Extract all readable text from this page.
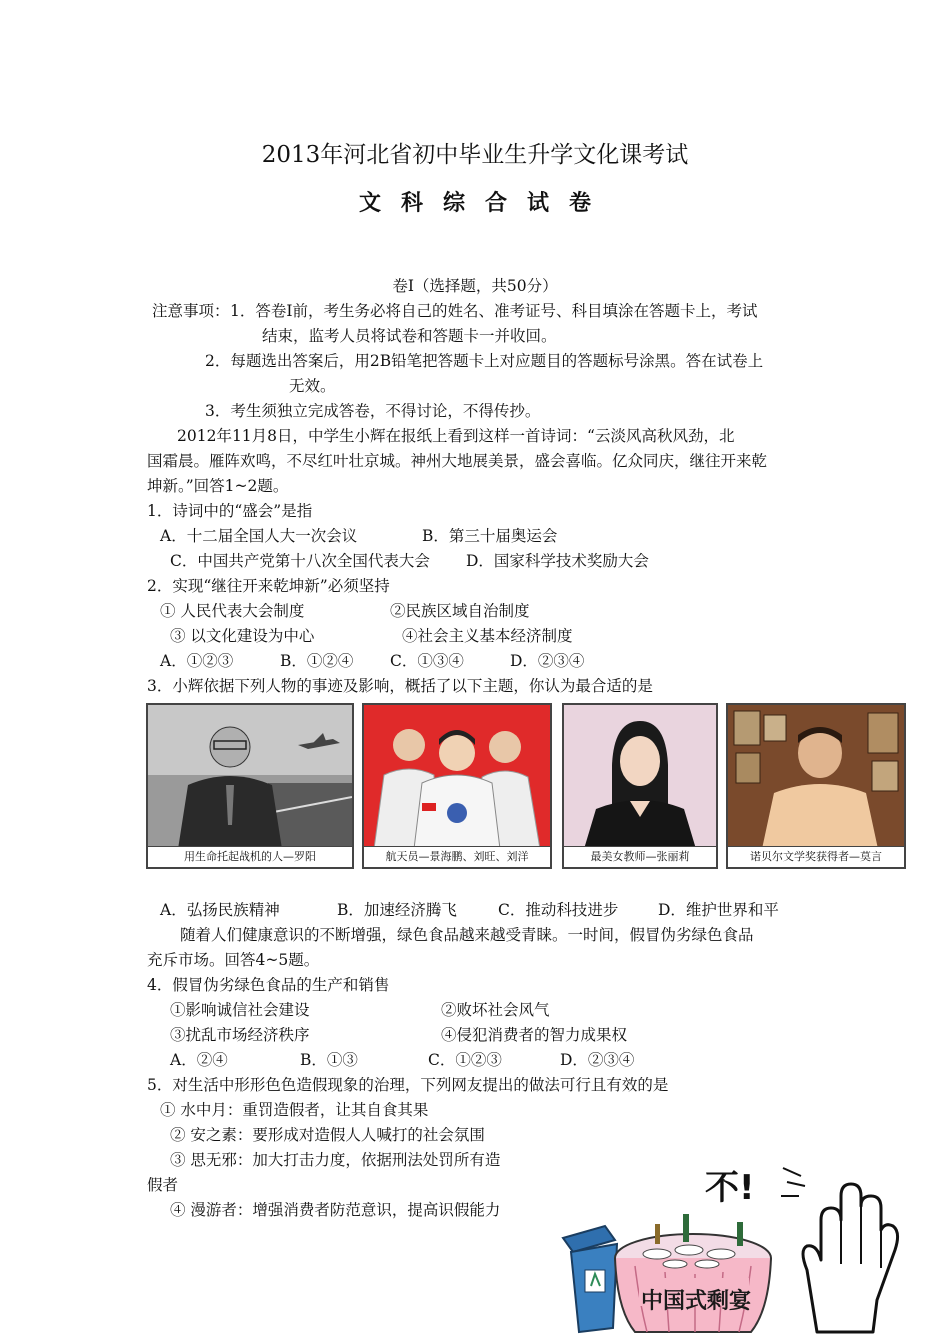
2013年河北省初中毕业生升学文化课考试
文科综合试卷
卷Ⅰ（选择题，共50分）
注意事项： 1．答卷Ⅰ前，考生务必将自己的姓名、准考证号、科目填涂在答题卡上，考试
结束，监考人员将试卷和答题卡一并收回。
2．每题选出答案后，用2B铅笔把答题卡上对应题目的答题标号涂黑。答在试卷上
无效。
3．考生须独立完成答卷，不得讨论，不得传抄。
2012年11月8日，中学生小辉在报纸上看到这样一首诗词：“云淡风高秋风劲，北
国霜晨。雁阵欢鸣，不尽红叶壮京城。神州大地展美景，盛会喜临。亿众同庆，继往开来乾
坤新。”回答1~2题。
1．诗词中的“盛会”是指
A．十二届全国人大一次会议	B．第三十届奥运会
C．中国共产党第十八次全国代表大会 D．国家科学技术奖励大会
2．实现“继往开来乾坤新”必须坚持
① 人民代表大会制度	②民族区域自治制度
③ 以文化建设为中心	④社会主义基本经济制度
A．①②③	B．①②④ C．①③④	D．②③④
3．小辉依据下列人物的事迹及影响，概括了以下主题，你认为最合适的是
用生命托起战机的人—罗阳	航天员—景海鹏、刘旺、刘洋	最美女教师—张丽莉	诺贝尔文学奖获得者—莫言
A．弘扬民族精神	B．加速经济腾飞	C．推动科技进步	D．维护世界和平
随着人们健康意识的不断增强，绿色食品越来越受青睐。一时间，假冒伪劣绿色食品
充斥市场。回答4~5题。
4．假冒伪劣绿色食品的生产和销售
①影响诚信社会建设	②败坏社会风气
③扰乱市场经济秩序	④侵犯消费者的智力成果权
A．②④	B．①③	C．①②③	D．②③④
5．对生活中形形色色造假现象的治理，下列网友提出的做法可行且有效的是
① 水中月：重罚造假者，让其自食其果
② 安之素：要形成对造假人人喊打的社会氛围
③ 思无邪：加大打击力度，依据刑法处罚所有造
假者
④ 漫游者：增强消费者防范意识，提高识假能力
不!
中国式剩宴
